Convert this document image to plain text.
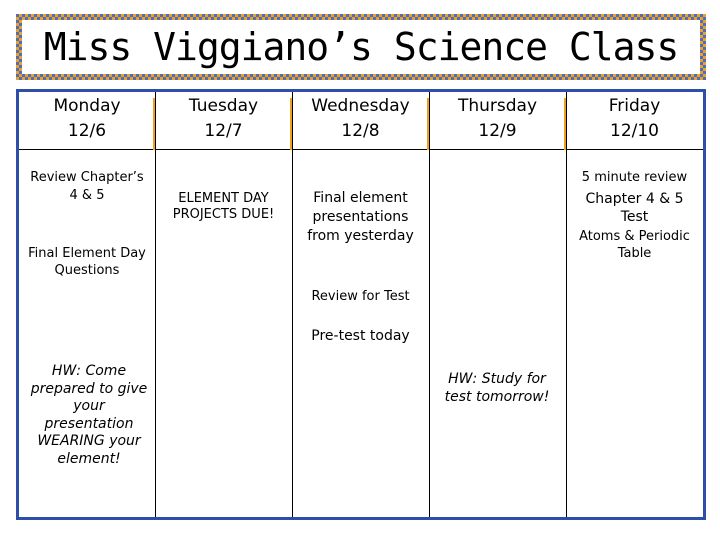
Miss Viggiano’s Science Class
Monday
12/6
Tuesday
12/7
Wednesday
12/8
Thursday
12/9
Friday
12/10
Review Chapter’s
4 & 5
Final Element Day
Questions
HW: Come
prepared to give
your
presentation
WEARING your
element!
ELEMENT DAY
PROJECTS DUE!
Final element
presentations
from yesterday
Review for Test
Pre-test today
HW: Study for
test tomorrow!
5 minute review
Chapter 4 & 5
Test
Atoms & Periodic
Table
